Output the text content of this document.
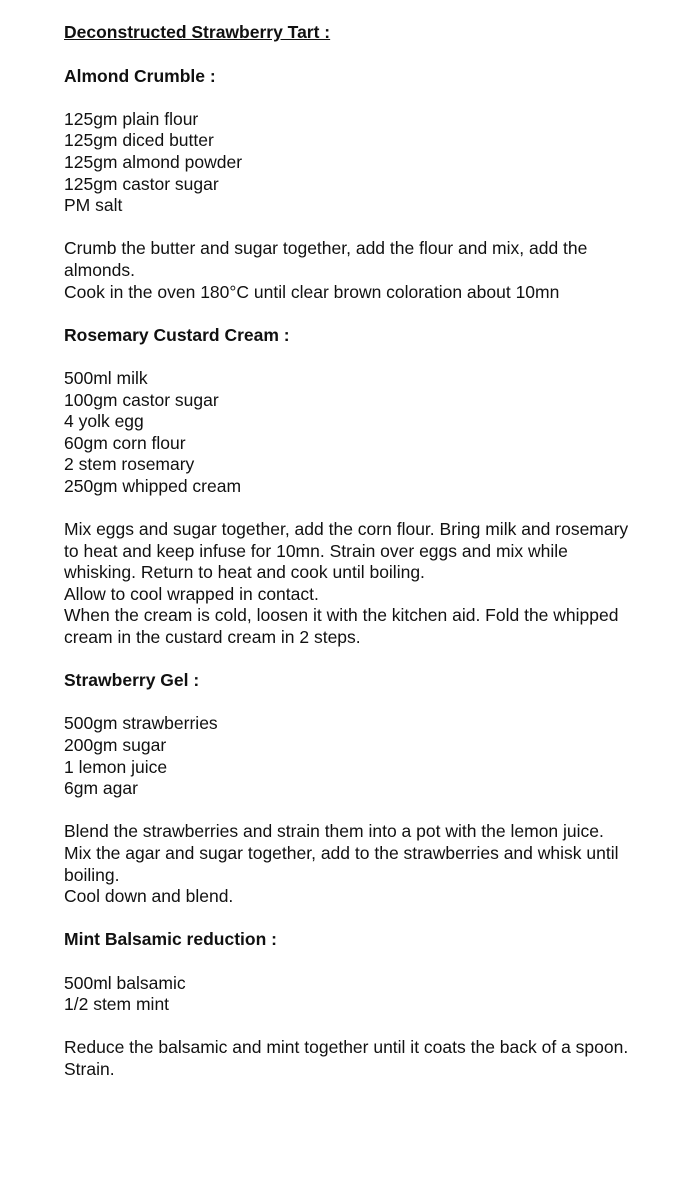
Deconstructed Strawberry Tart :
Almond Crumble :
125gm plain flour
125gm diced butter
125gm almond powder
125gm castor sugar
PM salt
Crumb the butter and sugar together, add the flour and mix, add the almonds.
Cook in the oven 180°C until clear brown coloration about 10mn
Rosemary Custard Cream :
500ml milk
100gm castor sugar
4 yolk egg
60gm corn flour
2 stem rosemary
250gm whipped cream
Mix eggs and sugar together, add the corn flour. Bring milk and rosemary to heat and keep infuse for 10mn. Strain over eggs and mix while whisking. Return to heat and cook until boiling.
Allow to cool wrapped in contact.
When the cream is cold, loosen it with the kitchen aid. Fold the whipped cream in the custard cream in 2 steps.
Strawberry Gel :
500gm strawberries
200gm sugar
1 lemon juice
6gm agar
Blend the strawberries and strain them into a pot with the lemon juice. Mix the agar and sugar together, add to the strawberries and whisk until boiling.
Cool down and blend.
Mint Balsamic reduction :
500ml balsamic
1/2 stem mint
Reduce the balsamic and mint together until it coats the back of a spoon. Strain.
